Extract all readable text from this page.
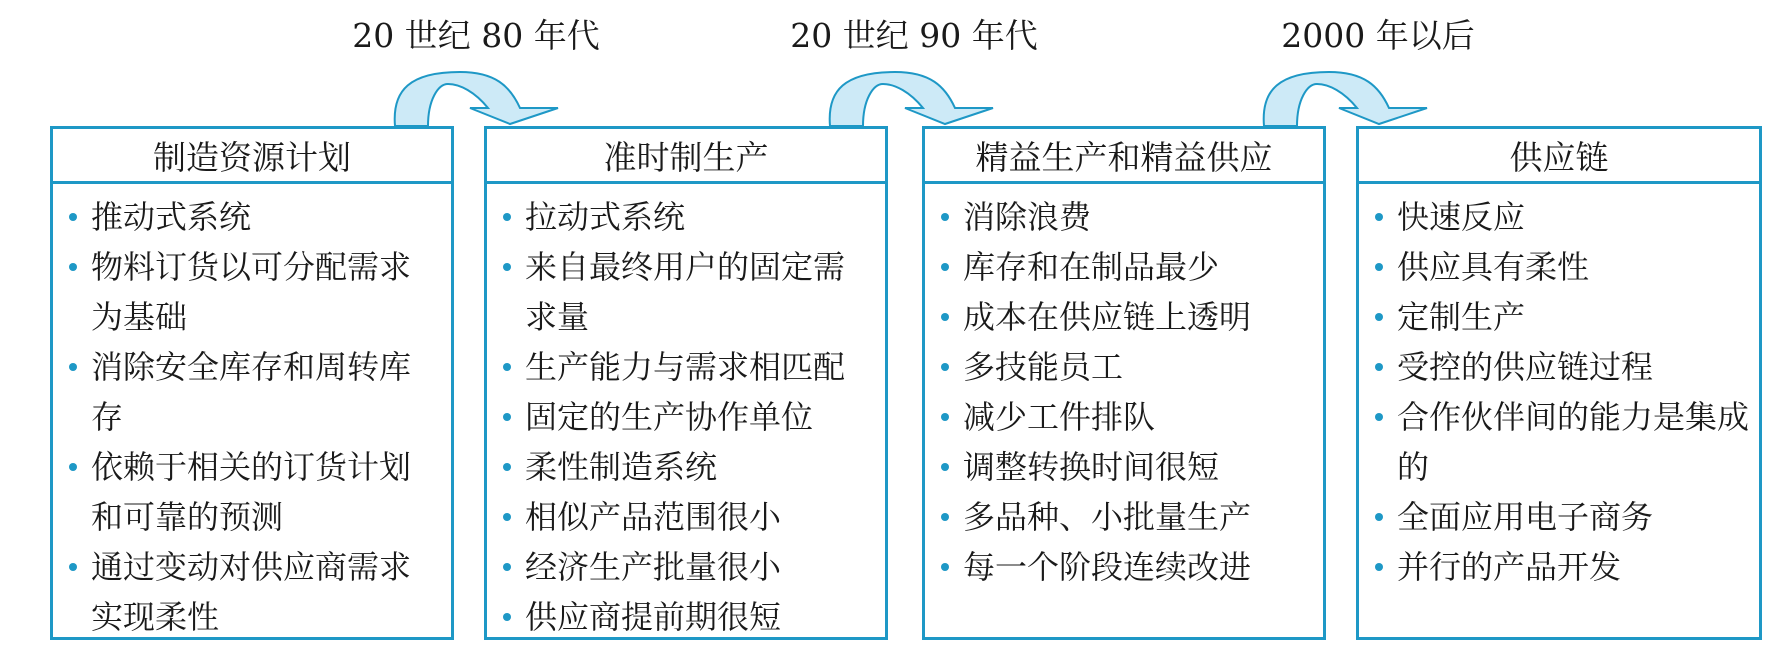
20 世纪 80 年代	20 世纪 90 年代	2000 年以后
制造资源计划
推动式系统
物料订货以可分配需求为基础
消除安全库存和周转库存
依赖于相关的订货计划和可靠的预测
通过变动对供应商需求实现柔性
准时制生产
拉动式系统
来自最终用户的固定需求量
生产能力与需求相匹配
固定的生产协作单位
柔性制造系统
相似产品范围很小
经济生产批量很小
供应商提前期很短
精益生产和精益供应
消除浪费
库存和在制品最少
成本在供应链上透明
多技能员工
减少工件排队
调整转换时间很短
多品种、小批量生产
每一个阶段连续改进
供应链
快速反应
供应具有柔性
定制生产
受控的供应链过程
合作伙伴间的能力是集成的
全面应用电子商务
并行的产品开发
